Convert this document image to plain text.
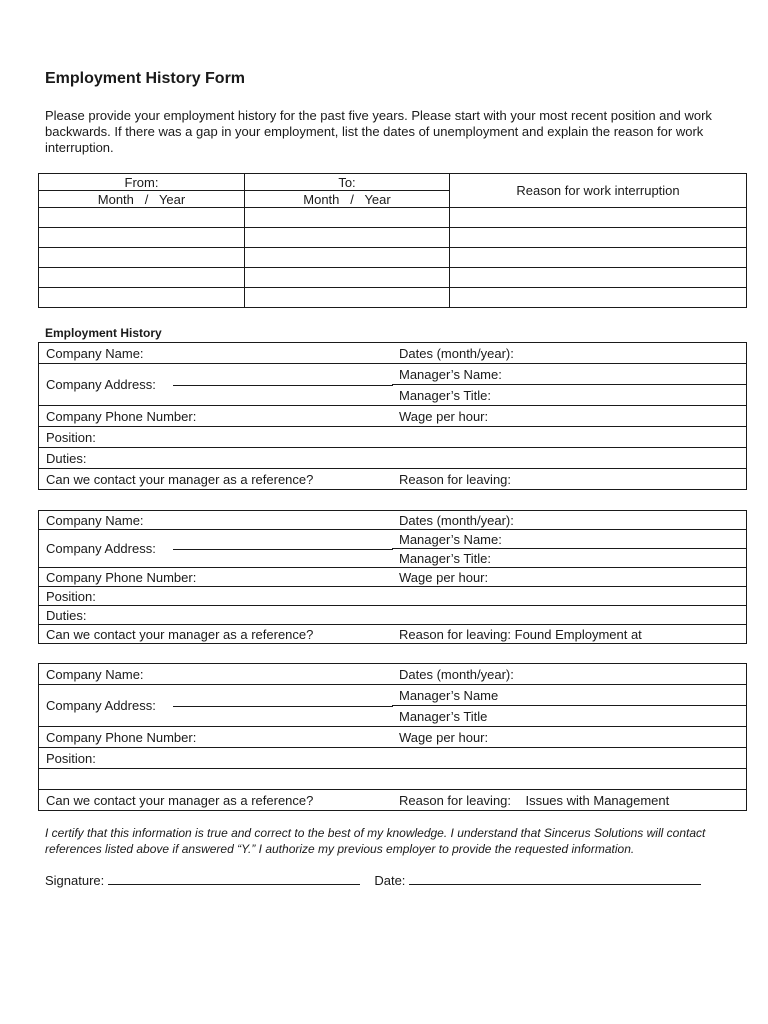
Employment History Form
Please provide your employment history for the past five years. Please start with your most recent position and work backwards. If there was a gap in your employment, list the dates of unemployment and explain the reason for work interruption.
From:	To:	Reason for work interruption
Month   /   Year	Month   /   Year	

Employment History
Company Name:	Dates (month/year):
Company Address:	Manager’s Name:
	Manager’s Title:
Company Phone Number:	Wage per hour:
Position:	
Duties:	
Can we contact your manager as a reference?	Reason for leaving:
Company Name:	Dates (month/year):
Company Address:	Manager’s Name:
	Manager’s Title:
Company Phone Number:	Wage per hour:
Position:	
Duties:	
Can we contact your manager as a reference?	Reason for leaving: Found Employment at
Company Name:	Dates (month/year):
Company Address:	Manager’s Name
	Manager’s Title
Company Phone Number:	Wage per hour:
Position:	

Can we contact your manager as a reference?	Reason for leaving:    Issues with Management
I certify that this information is true and correct to the best of my knowledge. I understand that Sincerus Solutions will contact references listed above if answered “Y.” I authorize my previous employer to provide the requested information.
Signature:	Date:
